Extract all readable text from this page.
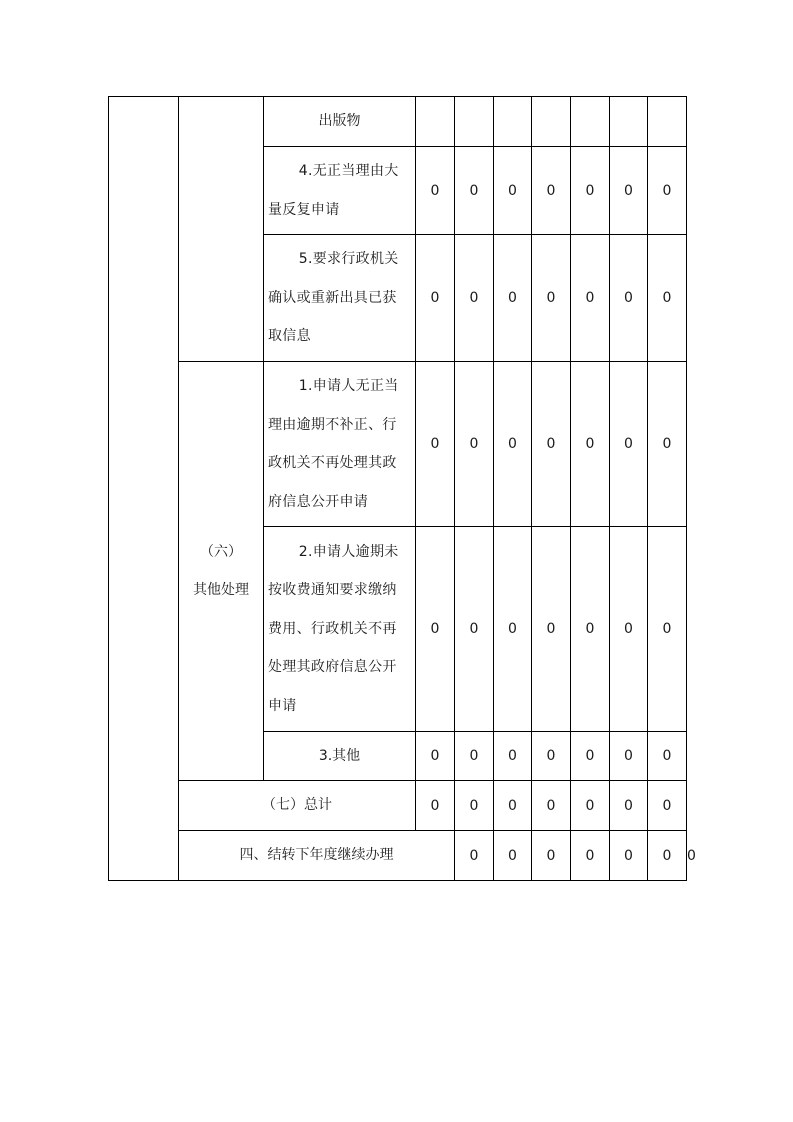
		出版物								

		4.无正当理由大
量反复申请	0	0	0	0	0	0	0	

		5.要求行政机关
确认或重新出具已获
取信息	0	0	0	0	0	0	0	

	（六）
其他处理	1.申请人无正当
理由逾期不补正、行
政机关不再处理其政
府信息公开申请	0	0	0	0	0	0	0	

		2.申请人逾期未
按收费通知要求缴纳
费用、行政机关不再
处理其政府信息公开
申请	0	0	0	0	0	0	0	

		3.其他	0	0	0	0	0	0	0	

	（七）总计		0	0	0	0	0	0	0	

	四、结转下年度继续办理			0	0	0	0	0	0	0
